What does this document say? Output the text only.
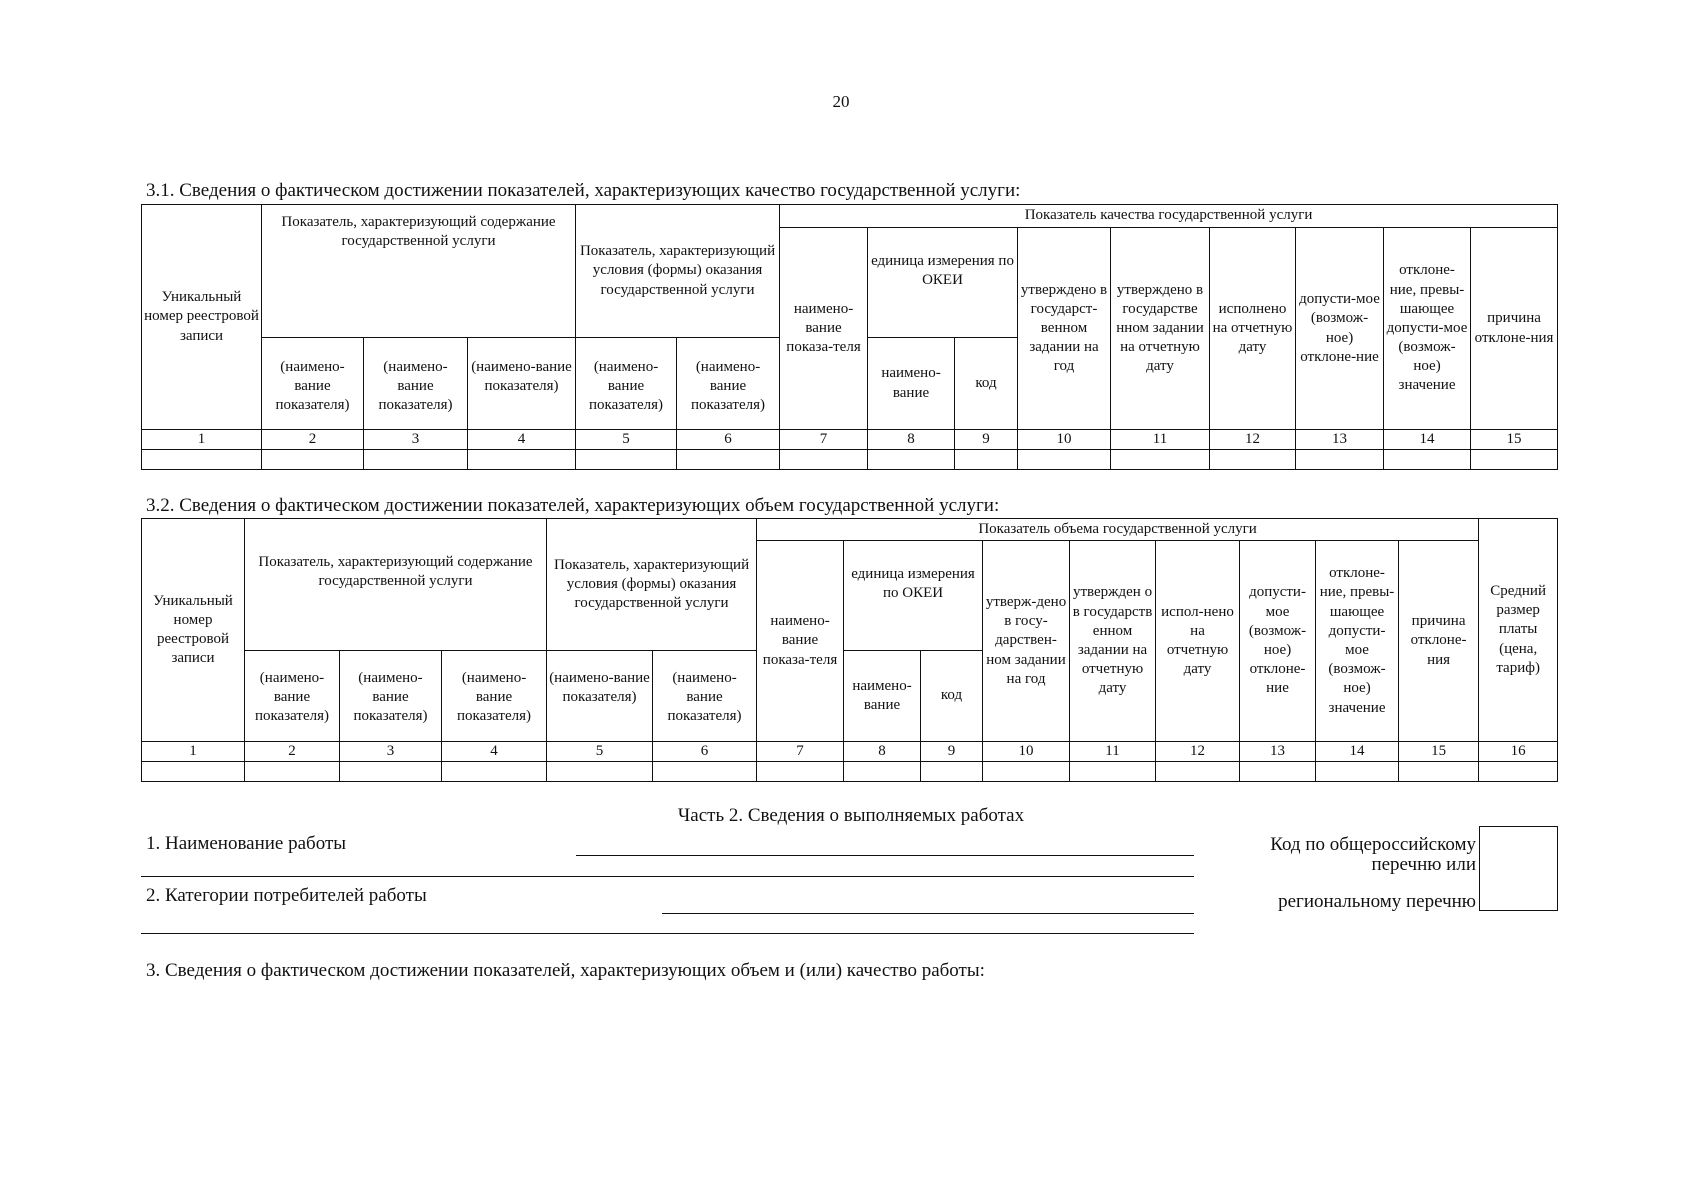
20
3.1. Сведения о фактическом достижении показателей, характеризующих качество государственной услуги:
Уникальный номер реестровой записи	Показатель, характеризующий содержание государственной услуги			Показатель, характеризующий условия (формы) оказания государственной услуги		Показатель качества государственной услуги								
						наимено-вание показа-теля	единица измерения по ОКЕИ		утверждено в государст-венном задании на год	утверждено в государстве нном задании на отчетную дату	исполнено на отчетную дату	допусти-мое (возмож-ное) отклоне-ние	отклоне-ние, превы-шающее допусти-мое (возмож-ное) значение	причина отклоне-ния
	(наимено-вание показателя)	(наимено-вание показателя)	(наимено-вание показателя)	(наимено-вание показателя)	(наимено-вание показателя)		наимено-вание	код						
1	2	3	4	5	6	7	8	9	10	11	12	13	14	15

3.2. Сведения о фактическом достижении показателей, характеризующих объем государственной услуги:
Уникальный номер реестровой записи	Показатель, характеризующий содержание государственной услуги			Показатель, характеризующий условия (формы) оказания государственной услуги		Показатель объема государственной услуги									Средний размер платы (цена, тариф)
						наимено-вание показа-теля	единица измерения по ОКЕИ		утверж-дено в госу-дарствен-ном задании на год	утвержден о в государств енном задании на отчетную дату	испол-нено на отчетную дату	допусти-мое (возмож-ное) отклоне-ние	отклоне-ние, превы-шающее допусти-мое (возмож-ное) значение	причина отклоне-ния	
	(наимено-вание показателя)	(наимено-вание показателя)	(наимено-вание показателя)	(наимено-вание показателя)	(наимено-вание показателя)		наимено-вание	код							
1	2	3	4	5	6	7	8	9	10	11	12	13	14	15	16

Часть 2. Сведения о выполняемых работах
1. Наименование работы
2. Категории потребителей работы
Код по общероссийскому
перечню или
региональному перечню
3. Сведения о фактическом достижении показателей, характеризующих объем и (или) качество работы:
